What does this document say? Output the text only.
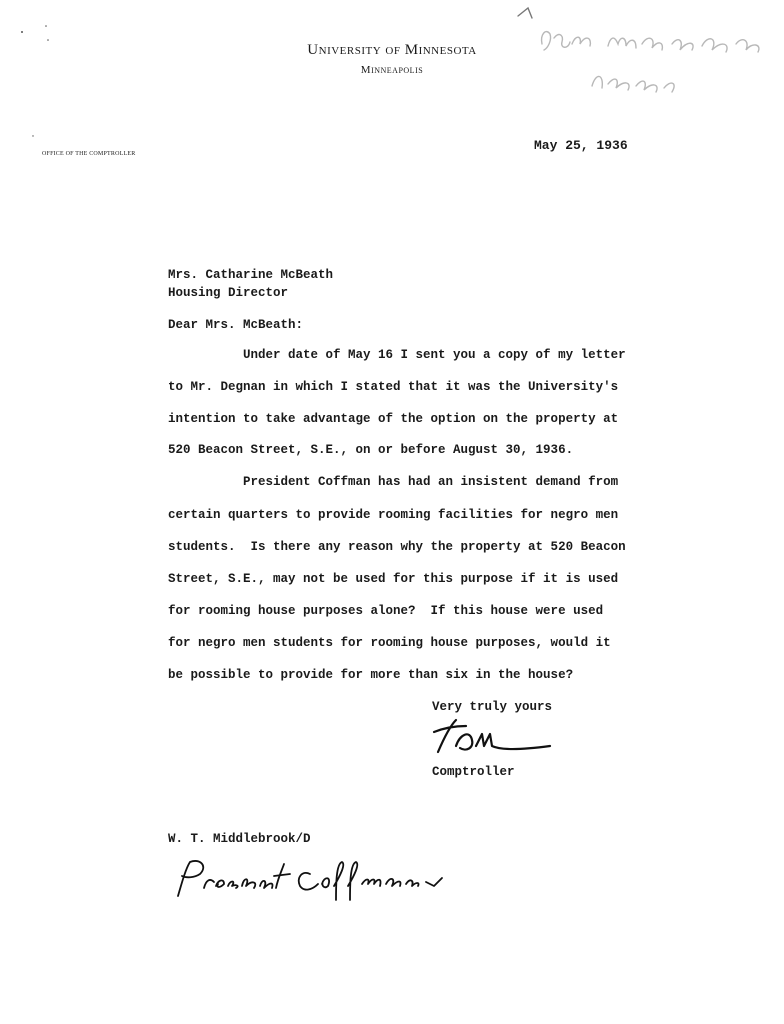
University of Minnesota
Minneapolis
OFFICE OF THE COMPTROLLER
May 25, 1936
Mrs. Catharine McBeath
Housing Director
Dear Mrs. McBeath:
Under date of May 16 I sent you a copy of my letter
to Mr. Degnan in which I stated that it was the University's
intention to take advantage of the option on the property at
520 Beacon Street, S.E., on or before August 30, 1936.
President Coffman has had an insistent demand from
certain quarters to provide rooming facilities for negro men
students.  Is there any reason why the property at 520 Beacon
Street, S.E., may not be used for this purpose if it is used
for rooming house purposes alone?  If this house were used
for negro men students for rooming house purposes, would it
be possible to provide for more than six in the house?
Very truly yours
Comptroller
W. T. Middlebrook/D
